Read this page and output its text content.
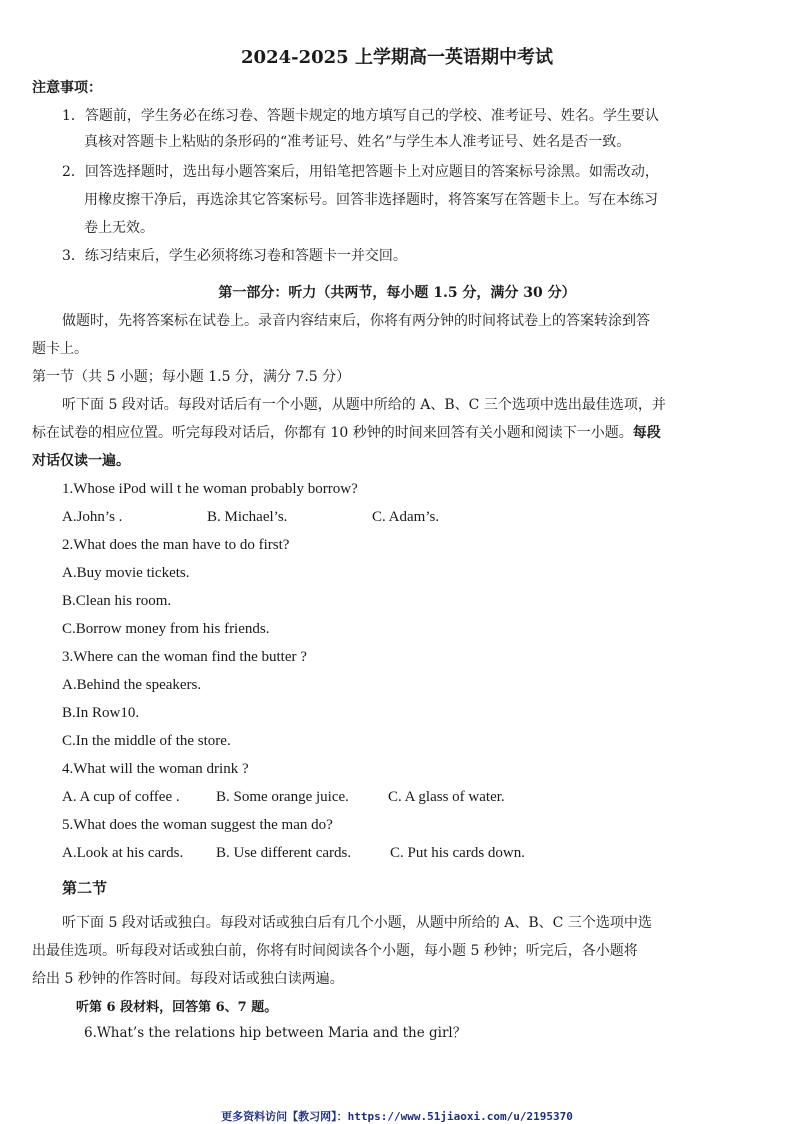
2024-2025 上学期高一英语期中考试
注意事项：
1．答题前，学生务必在练习卷、答题卡规定的地方填写自己的学校、准考证号、姓名。学生要认
真核对答题卡上粘贴的条形码的“准考证号、姓名”与学生本人准考证号、姓名是否一致。
2．回答选择题时，选出每小题答案后，用铅笔把答题卡上对应题目的答案标号涂黑。如需改动，
用橡皮擦干净后，再选涂其它答案标号。回答非选择题时，将答案写在答题卡上。写在本练习
卷上无效。
3．练习结束后，学生必须将练习卷和答题卡一并交回。
第一部分：听力（共两节，每小题 1.5 分，满分 30 分）
做题时，先将答案标在试卷上。录音内容结束后，你将有两分钟的时间将试卷上的答案转涂到答
题卡上。
第一节（共 5 小题；每小题 1.5 分，满分 7.5 分）
听下面 5 段对话。每段对话后有一个小题，从题中所给的 A、B、C 三个选项中选出最佳选项，并
标在试卷的相应位置。听完每段对话后，你都有 10 秒钟的时间来回答有关小题和阅读下一小题。每段
对话仅读一遍。
1.Whose iPod will t he woman probably borrow?
A.John’s .	B. Michael’s.	C. Adam’s.
2.What does the man have to do first?
A.Buy movie tickets.
B.Clean his room.
C.Borrow money from his friends.
3.Where can the woman find the butter ?
A.Behind the speakers.
B.In Row10.
C.In the middle of the store.
4.What will the woman drink ?
A. A cup of coffee . B. Some orange juice.	C. A glass of water.
5.What does the woman suggest the man do?
A.Look at his cards. B. Use different cards.	C. Put his cards down.
第二节
听下面 5 段对话或独白。每段对话或独白后有几个小题，从题中所给的 A、B、C 三个选项中选
出最佳选项。听每段对话或独白前，你将有时间阅读各个小题，每小题 5 秒钟；听完后，各小题将
给出 5 秒钟的作答时间。每段对话或独白读两遍。
听第 6 段材料，回答第 6、7 题。
6.What’s the relations hip between Maria and the girl？
更多资料访问【教习网】：https://www.51jiaoxi.com/u/2195370
